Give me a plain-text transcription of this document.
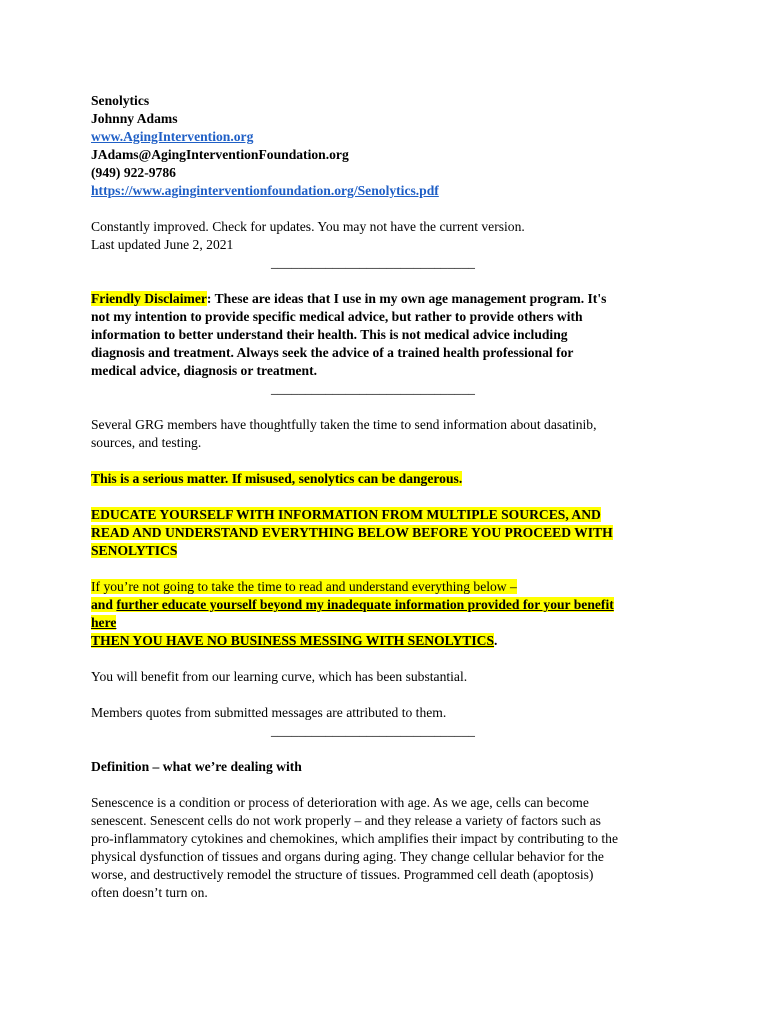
Senolytics
Johnny Adams
www.AgingIntervention.org
JAdams@AgingInterventionFoundation.org
(949) 922-9786
https://www.aginginterventionfoundation.org/Senolytics.pdf
Constantly improved. Check for updates. You may not have the current version.
Last updated June 2, 2021
______________________________
Friendly Disclaimer: These are ideas that I use in my own age management program. It's
not my intention to provide specific medical advice, but rather to provide others with
information to better understand their health. This is not medical advice including
diagnosis and treatment. Always seek the advice of a trained health professional for
medical advice, diagnosis or treatment.
______________________________
Several GRG members have thoughtfully taken the time to send information about dasatinib,
sources, and testing.
This is a serious matter. If misused, senolytics can be dangerous.
EDUCATE YOURSELF WITH INFORMATION FROM MULTIPLE SOURCES, AND
READ AND UNDERSTAND EVERYTHING BELOW BEFORE YOU PROCEED WITH
SENOLYTICS
If you’re not going to take the time to read and understand everything below –
and further educate yourself beyond my inadequate information provided for your benefit
here
THEN YOU HAVE NO BUSINESS MESSING WITH SENOLYTICS.

You will benefit from our learning curve, which has been substantial.

Members quotes from submitted messages are attributed to them.

______________________________

Definition – what we’re dealing with

Senescence is a condition or process of deterioration with age. As we age, cells can become
senescent. Senescent cells do not work properly – and they release a variety of factors such as
pro-inflammatory cytokines and chemokines, which amplifies their impact by contributing to the
physical dysfunction of tissues and organs during aging. They change cellular behavior for the
worse, and destructively remodel the structure of tissues. Programmed cell death (apoptosis)
often doesn’t turn on.
